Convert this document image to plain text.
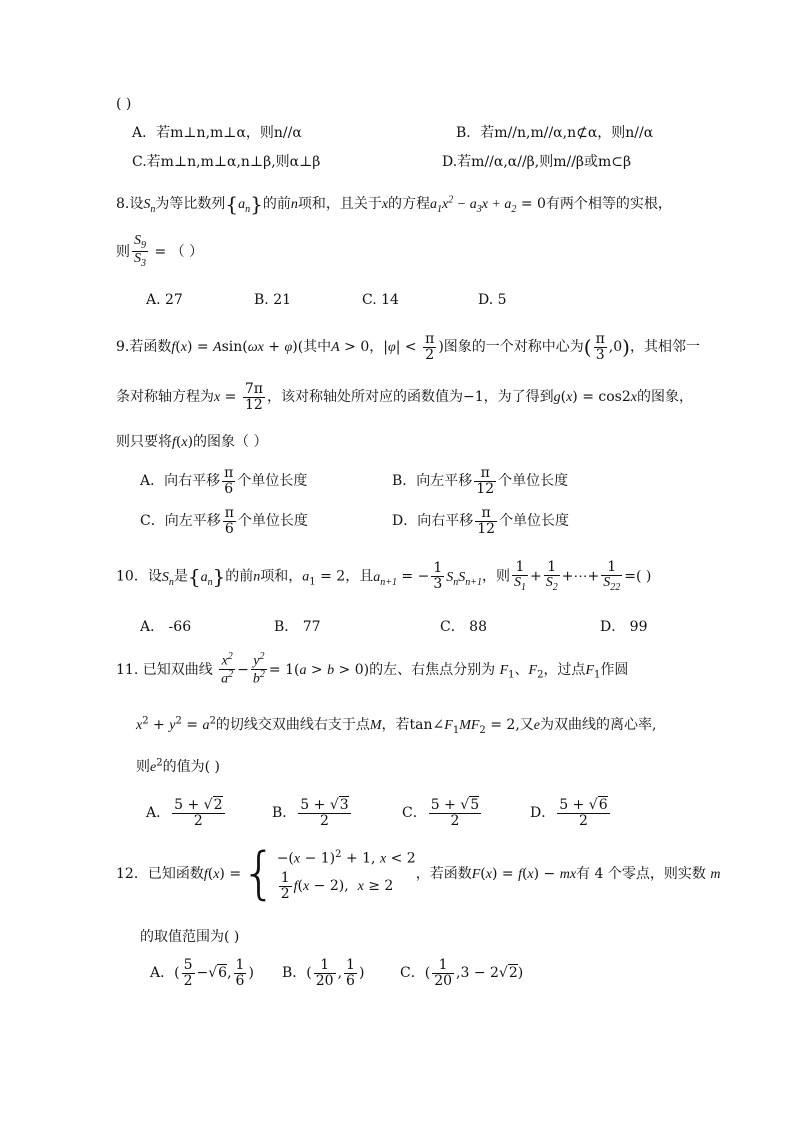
( )
A．若m⊥n,m⊥α，则n//α	B．若m//n,m//α,n⊄α，则n//α
C.若m⊥n,m⊥α,n⊥β,则α⊥β	D.若m//α,α//β,则m//β或m⊂β
8.设$S_n$为等比数列$\{a_n\}$的前n项和，且关于x的方程$a_1x^2 - a_3x + a_2 = 0$有两个相等的实根，
则 $\frac{S_9}{S_3}$ = （ ）
A. 27	B. 21	C. 14	D. 5
9.若函数f(x) = Asin(ωx + φ)(其中A > 0，$|\varphi| < \frac{\pi}{2}$ )图象的一个对称中心为( $\frac{\pi}{3} ,0$)，其相邻一
条对称轴方程为$x = \frac{7\pi}{12}$ ，该对称轴处所对应的函数值为−1，为了得到g(x) = cos2x的图象，
则只要将f(x)的图象（ ）
A．向右平移 $\frac{\pi}{6}$ 个单位长度	B．向左平移 $\frac{\pi}{12}$ 个单位长度
C．向左平移 $\frac{\pi}{6}$ 个单位长度	D．向右平移 $\frac{\pi}{12}$ 个单位长度
10．设$S_n$是$\{a_n\}$的前n项和，$a_1 = 2$，且$a_{n+1}$ = − $\frac{1}{3} S_nS_{n+1}$，则 $\frac{1}{S_1} + \frac{1}{S_2}$ +⋯+ $\frac{1}{S_{22}}$ =( )
A． -66	B． 77	C． 88	D． 99
11. 已知双曲线 $\frac{x^2}{a^2} - \frac{y^2}{b^2} = 1(a > b > 0)$的左、右焦点分别为 $F_1$、$F_2$，过点$F_1$作圆
$x^2 + y^2 = a^2$的切线交双曲线右支于点M，若$\tan\angle F_1MF_2 = 2$,又e为双曲线的离心率,
则$e^2$的值为( )
A． $\frac{5 + √2}{2}$	B． $\frac{5 + √3}{2}$	C． $\frac{5 + √5}{2}$	D． $\frac{5 + √6}{2}$
12．已知函数f(x) ={ $-(x - 1)^2 + 1$, x < 2
$\frac{1}{2} f(x - 2)$,  x ≥ 2
，若函数F(x) = f(x) − mx有 4 个零点，则实数 m
的取值范围为( )
A．( $\frac{5}{2} -√6$, $\frac{1}{6}$ ) B．( $\frac{1}{20}$ , $\frac{1}{6}$ )	C．( $\frac{1}{20} ,3 - 2√2$)
